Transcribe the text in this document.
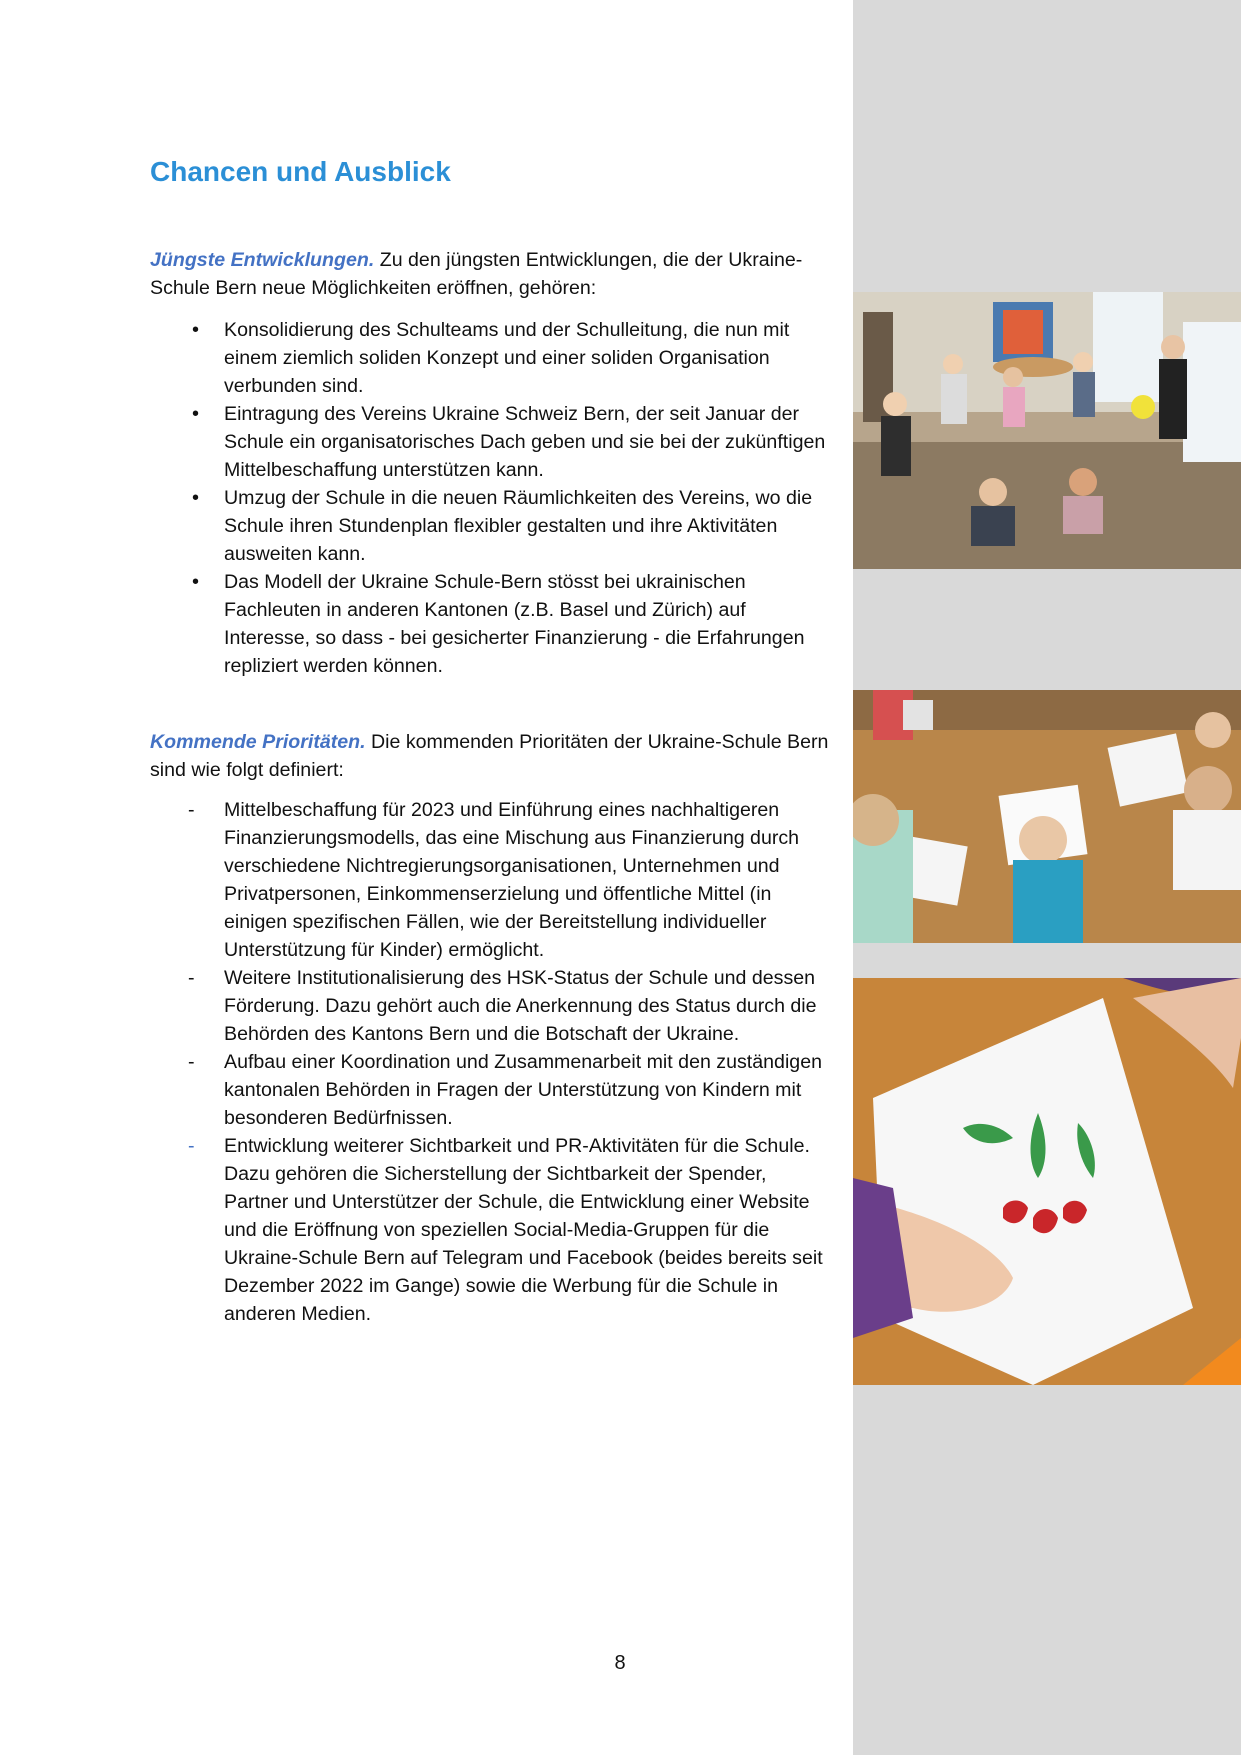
Chancen und Ausblick

Jüngste Entwicklungen. Zu den jüngsten Entwicklungen, die der Ukraine-Schule Bern neue Möglichkeiten eröffnen, gehören:

• Konsolidierung des Schulteams und der Schulleitung, die nun mit einem ziemlich soliden Konzept und einer soliden Organisation verbunden sind.
• Eintragung des Vereins Ukraine Schweiz Bern, der seit Januar der Schule ein organisatorisches Dach geben und sie bei der zukünftigen Mittelbeschaffung unterstützen kann.
• Umzug der Schule in die neuen Räumlichkeiten des Vereins, wo die Schule ihren Stundenplan flexibler gestalten und ihre Aktivitäten ausweiten kann.
• Das Modell der Ukraine Schule-Bern stösst bei ukrainischen Fachleuten in anderen Kantonen (z.B. Basel und Zürich) auf Interesse, so dass - bei gesicherter Finanzierung - die Erfahrungen repliziert werden können.

Kommende Prioritäten. Die kommenden Prioritäten der Ukraine-Schule Bern sind wie folgt definiert:

- Mittelbeschaffung für 2023 und Einführung eines nachhaltigeren Finanzierungsmodells, das eine Mischung aus Finanzierung durch verschiedene Nichtregierungsorganisationen, Unternehmen und Privatpersonen, Einkommenserzielung und öffentliche Mittel (in einigen spezifischen Fällen, wie der Bereitstellung individueller Unterstützung für Kinder) ermöglicht.
- Weitere Institutionalisierung des HSK-Status der Schule und dessen Förderung. Dazu gehört auch die Anerkennung des Status durch die Behörden des Kantons Bern und die Botschaft der Ukraine.
- Aufbau einer Koordination und Zusammenarbeit mit den zuständigen kantonalen Behörden in Fragen der Unterstützung von Kindern mit besonderen Bedürfnissen.
- Entwicklung weiterer Sichtbarkeit und PR-Aktivitäten für die Schule. Dazu gehören die Sicherstellung der Sichtbarkeit der Spender, Partner und Unterstützer der Schule, die Entwicklung einer Website und die Eröffnung von speziellen Social-Media-Gruppen für die Ukraine-Schule Bern auf Telegram und Facebook (beides bereits seit Dezember 2022 im Gange) sowie die Werbung für die Schule in anderen Medien.
8
